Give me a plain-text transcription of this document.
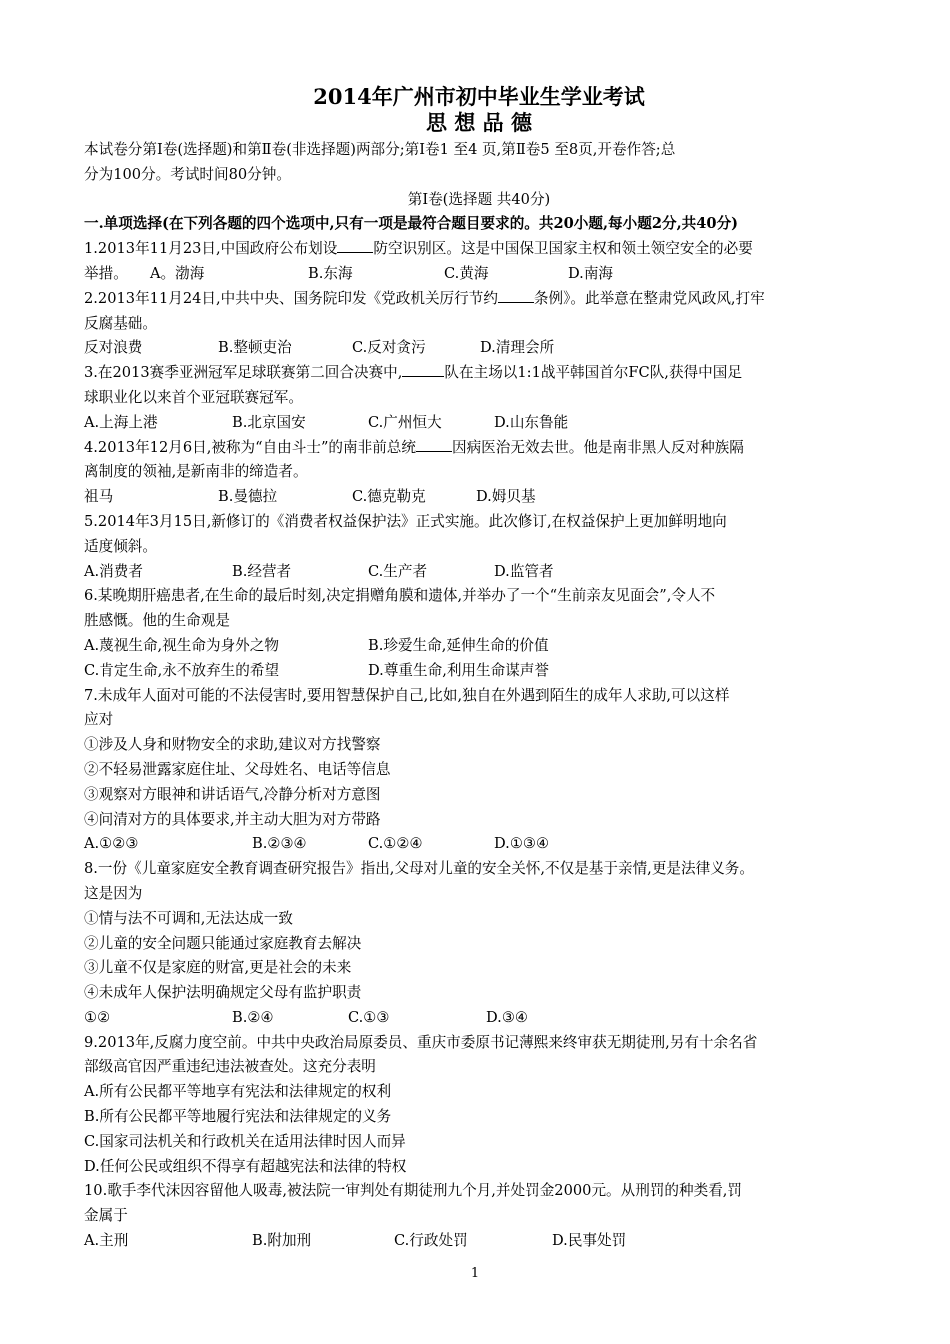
2014年广州市初中毕业生学业考试
思 想 品 德
本试卷分第Ⅰ卷(选择题)和第Ⅱ卷(非选择题)两部分;第Ⅰ卷1 至4 页,第Ⅱ卷5 至8页,开卷作答;总
分为100分。考试时间80分钟。
第Ⅰ卷(选择题 共40分)
一.单项选择(在下列各题的四个选项中,只有一项是最符合题目要求的。共20小题,每小题2分,共40分)
1.2013年11月23日,中国政府公布划设 防空识别区。这是中国保卫国家主权和领土领空安全的必要
举措。	A。渤海	B.东海	C.黄海	D.南海
2.2013年11月24日,中共中央、国务院印发《党政机关厉行节约 条例》。此举意在整肃党风政风,打牢
反腐基础。
反对浪费	B.整顿吏治	C.反对贪污	D.清理会所
3.在2013赛季亚洲冠军足球联赛第二回合决赛中,	队在主场以1:1战平韩国首尔FC队,获得中国足
球职业化以来首个亚冠联赛冠军。
A.上海上港	B.北京国安	C.广州恒大	D.山东鲁能
4.2013年12月6日,被称为“自由斗士”的南非前总统 因病医治无效去世。他是南非黑人反对种族隔
离制度的领袖,是新南非的缔造者。
祖马	B.曼德拉	C.德克勒克	D.姆贝基
5.2014年3月15日,新修订的《消费者权益保护法》正式实施。此次修订,在权益保护上更加鲜明地向
适度倾斜。
A.消费者	B.经营者	C.生产者	D.监管者
6.某晚期肝癌患者,在生命的最后时刻,决定捐赠角膜和遗体,并举办了一个“生前亲友见面会”,令人不
胜感慨。他的生命观是
A.蔑视生命,视生命为身外之物	B.珍爱生命,延伸生命的价值
C.肯定生命,永不放弃生的希望	D.尊重生命,利用生命谋声誉
7.未成年人面对可能的不法侵害时,要用智慧保护自己,比如,独自在外遇到陌生的成年人求助,可以这样
应对
①涉及人身和财物安全的求助,建议对方找警察
②不轻易泄露家庭住址、父母姓名、电话等信息
③观察对方眼神和讲话语气,冷静分析对方意图
④问清对方的具体要求,并主动大胆为对方带路
A.①②③	B.②③④	C.①②④	D.①③④
8.一份《儿童家庭安全教育调查研究报告》指出,父母对儿童的安全关怀,不仅是基于亲情,更是法律义务。
这是因为
①情与法不可调和,无法达成一致
②儿童的安全问题只能通过家庭教育去解决
③儿童不仅是家庭的财富,更是社会的未来
④未成年人保护法明确规定父母有监护职责
①②	B.②④	C.①③	D.③④
9.2013年,反腐力度空前。中共中央政治局原委员、重庆市委原书记薄熙来终审获无期徒刑,另有十余名省
部级高官因严重违纪违法被查处。这充分表明
A.所有公民都平等地享有宪法和法律规定的权利
B.所有公民都平等地履行宪法和法律规定的义务
C.国家司法机关和行政机关在适用法律时因人而异
D.任何公民或组织不得享有超越宪法和法律的特权
10.歌手李代沫因容留他人吸毒,被法院一审判处有期徒刑九个月,并处罚金2000元。从刑罚的种类看,罚
金属于
A.主刑	B.附加刑	C.行政处罚	D.民事处罚
1
